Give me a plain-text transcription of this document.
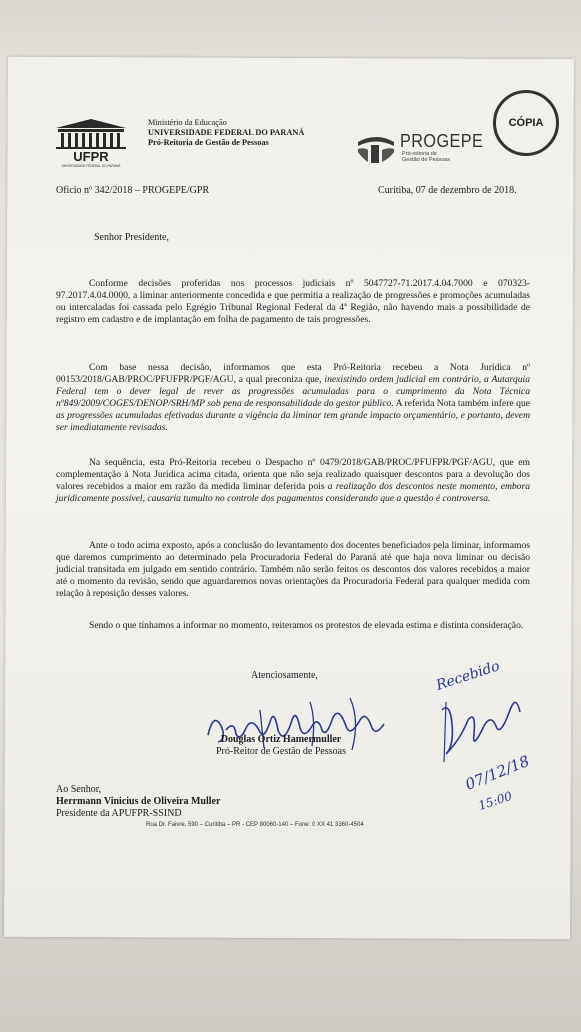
UFPR
UNIVERSIDADE FEDERAL DO PARANÁ
Ministério da Educação
UNIVERSIDADE FEDERAL DO PARANÁ
Pró-Reitoria de Gestão de Pessoas	PROGEPE
Pró-reitoria de
Gestão de Pessoas
CÓPIA
Ofício nº 342/2018 – PROGEPE/GPR	Curitiba, 07 de dezembro de 2018.
Senhor Presidente,
Conforme decisões proferidas nos processos judiciais nº 5047727-71.2017.4.04.7000 e 070323-97.2017.4.04.0000, a liminar anteriormente concedida e que permitia a realização de progressões e promoções acumuladas ou intercaladas foi cassada pelo Egrégio Tribunal Regional Federal da 4ª Região, não havendo mais a possibilidade de registro em cadastro e de implantação em folha de pagamento de tais progressões.
Com base nessa decisão, informamos que esta Pró-Reitoria recebeu a Nota Jurídica nº 00153/2018/GAB/PROC/PFUFPR/PGF/AGU, a qual preconiza que, inexistindo ordem judicial em contrário, a Autarquia Federal tem o dever legal de rever as progressões acumuladas para o cumprimento da Nota Técnica nº849/2009/COGES/DENOP/SRH/MP sob pena de responsabilidade do gestor público. A referida Nota também infere que as progressões acumuladas efetivadas durante a vigência da liminar tem grande impacto orçamentário, e portanto, devem ser imediatamente revisadas.
Na sequência, esta Pró-Reitoria recebeu o Despacho nº 0479/2018/GAB/PROC/PFUFPR/PGF/AGU, que em complementação à Nota Jurídica acima citada, orienta que não seja realizado quaisquer descontos para a devolução dos valores recebidos a maior em razão da medida liminar deferida pois a realização dos descontos neste momento, embora juridicamente possível, causaria tumulto no controle dos pagamentos considerando que a questão é controversa.
Ante o todo acima exposto, após a conclusão do levantamento dos docentes beneficiados pela liminar, informamos que daremos cumprimento ao determinado pela Procuradoria Federal do Paraná até que haja nova liminar ou decisão judicial transitada em julgado em sentido contrário. Também não serão feitos os descontos dos valores recebidos a maior até o momento da revisão, sendo que aguardaremos novas orientações da Procuradoria Federal para qualquer medida com relação à reposição desses valores.
Sendo o que tínhamos a informar no momento, reiteramos os protestos de elevada estima e distinta consideração.
Atenciosamente,
Douglas Ortiz Hamermuller
Pró-Reitor de Gestão de Pessoas
Recebido
07/12/18
15:00
Ao Senhor,
Herrmann Vinicius de Oliveira Muller
Presidente da APUFPR-SSIND
Rua Dr. Faivre, 590 – Curitiba – PR - CEP 80060-140 – Fone: 0 XX 41 3360-4504
